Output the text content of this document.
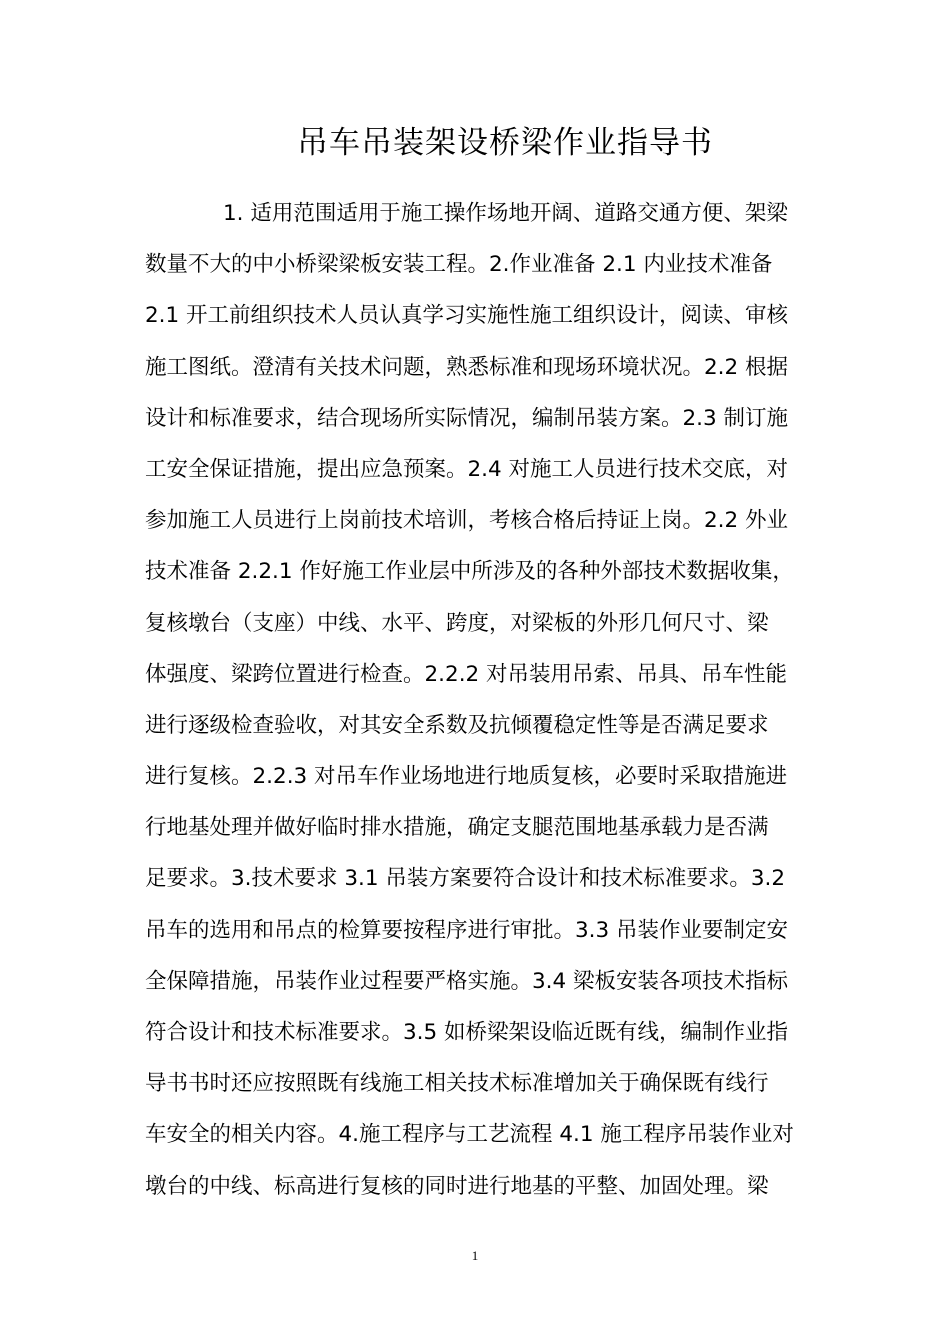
吊车吊装架设桥梁作业指导书
1. 适用范围适用于施工操作场地开阔、道路交通方便、架梁
数量不大的中小桥梁梁板安装工程。2.作业准备 2.1 内业技术准备
2.1 开工前组织技术人员认真学习实施性施工组织设计，阅读、审核
施工图纸。澄清有关技术问题，熟悉标准和现场环境状况。2.2 根据
设计和标准要求，结合现场所实际情况，编制吊装方案。2.3 制订施
工安全保证措施，提出应急预案。2.4 对施工人员进行技术交底，对
参加施工人员进行上岗前技术培训，考核合格后持证上岗。2.2 外业
技术准备 2.2.1 作好施工作业层中所涉及的各种外部技术数据收集，
复核墩台（支座）中线、水平、跨度，对梁板的外形几何尺寸、梁
体强度、梁跨位置进行检查。2.2.2 对吊装用吊索、吊具、吊车性能
进行逐级检查验收，对其安全系数及抗倾覆稳定性等是否满足要求
进行复核。2.2.3 对吊车作业场地进行地质复核，必要时采取措施进
行地基处理并做好临时排水措施，确定支腿范围地基承载力是否满
足要求。3.技术要求 3.1 吊装方案要符合设计和技术标准要求。3.2
吊车的选用和吊点的检算要按程序进行审批。3.3 吊装作业要制定安
全保障措施，吊装作业过程要严格实施。3.4 梁板安装各项技术指标
符合设计和技术标准要求。3.5 如桥梁架设临近既有线，编制作业指
导书书时还应按照既有线施工相关技术标准增加关于确保既有线行
车安全的相关内容。4.施工程序与工艺流程 4.1 施工程序吊装作业对
墩台的中线、标高进行复核的同时进行地基的平整、加固处理。梁
1
